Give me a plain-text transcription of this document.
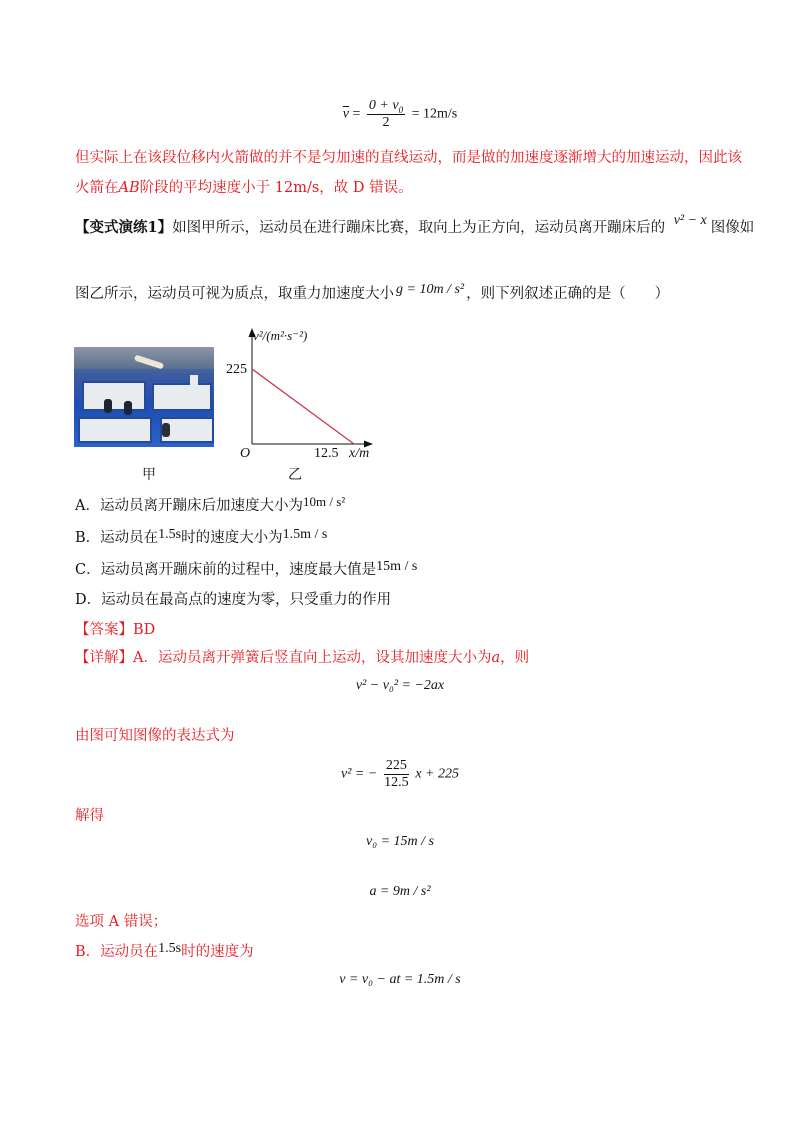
$\overline{v} = \frac{0 + v_0}{2} = 12m/s$
但实际上在该段位移内火箭做的并不是匀加速的直线运动，而是做的加速度逐渐增大的加速运动，因此该
火箭在AB阶段的平均速度小于 12m/s，故 D 错误。
【变式演练1】如图甲所示，运动员在进行蹦床比赛，取向上为正方向，运动员离开蹦床后的 v² − x 图像如
图乙所示，运动员可视为质点，取重力加速度大小 g = 10m / s² ，则下列叙述正确的是（　　）
甲
v²/(m²·s⁻²)
225
O	12.5 x/m
乙
A．运动员离开蹦床后加速度大小为10m / s²
B．运动员在1.5s时的速度大小为1.5m / s
C．运动员离开蹦床前的过程中，速度最大值是15m / s
D．运动员在最高点的速度为零，只受重力的作用
【答案】BD
【详解】A．运动员离开弹簧后竖直向上运动，设其加速度大小为a，则
v² − v₀² = −2ax
由图可知图像的表达式为
v² = − $\frac{225}{12.5}$ x + 225
解得
v₀ = 15m / s
a = 9m / s²
选项 A 错误；
B．运动员在1.5s时的速度为
v = v₀ − at = 1.5m / s
